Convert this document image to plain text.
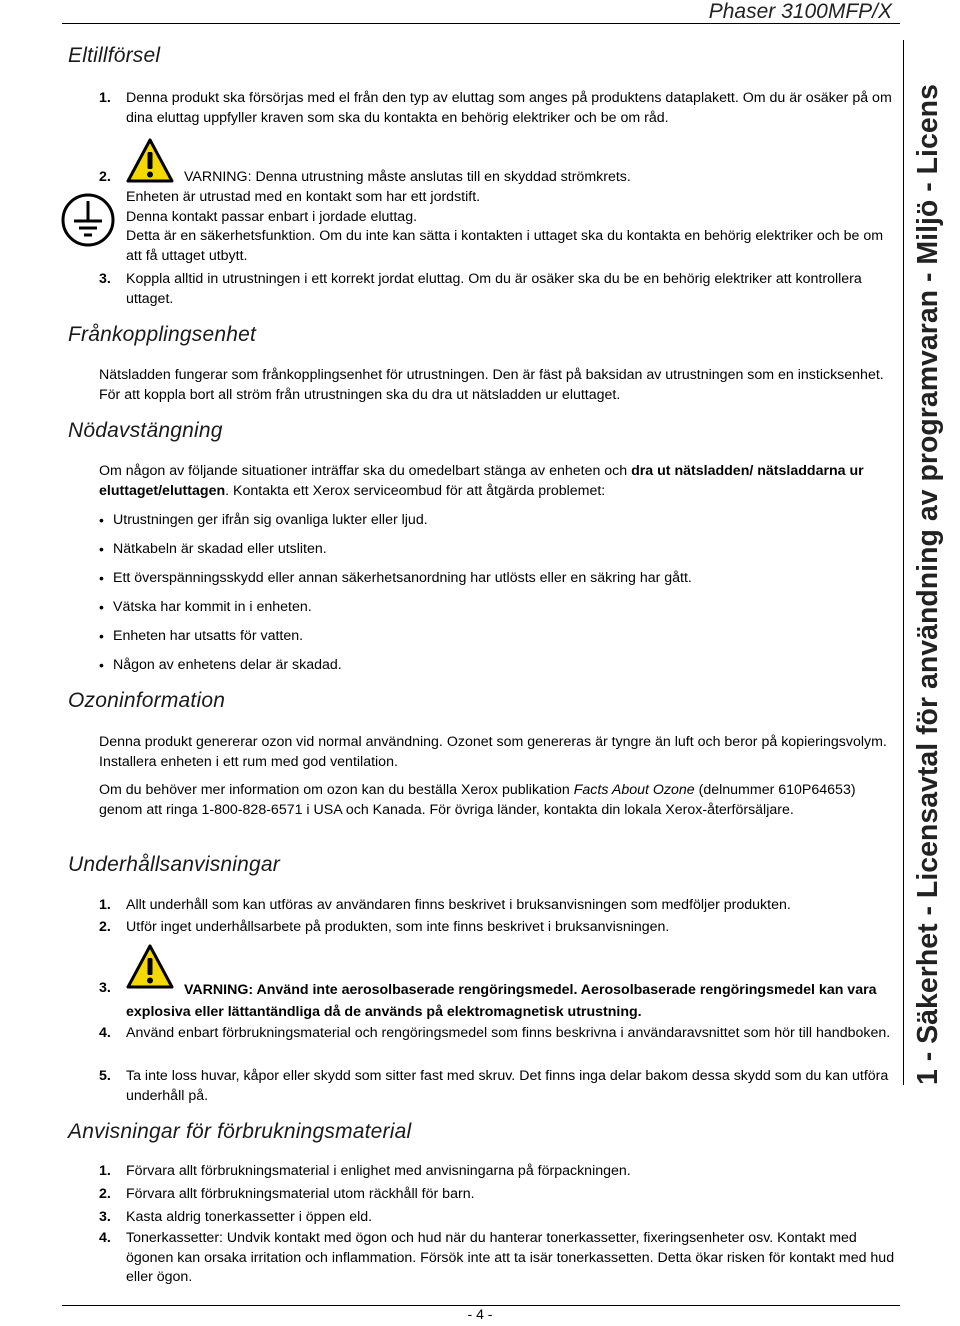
Phaser 3100MFP/X
1 - Säkerhet - Licensavtal för användning av programvaran - Miljö - Licens
Eltillförsel
1. Denna produkt ska försörjas med el från den typ av eluttag som anges på produktens dataplakett. Om du är osäker på om dina eluttag uppfyller kraven som ska du kontakta en behörig elektriker och be om råd.
2.	VARNING: Denna utrustning måste anslutas till en skyddad strömkrets.
Enheten är utrustad med en kontakt som har ett jordstift.
Denna kontakt passar enbart i jordade eluttag.
Detta är en säkerhetsfunktion. Om du inte kan sätta i kontakten i uttaget ska du kontakta en behörig elektriker och be om att få uttaget utbytt.
3. Koppla alltid in utrustningen i ett korrekt jordat eluttag. Om du är osäker ska du be en behörig elektriker att kontrollera uttaget.
Frånkopplingsenhet
Nätsladden fungerar som frånkopplingsenhet för utrustningen. Den är fäst på baksidan av utrustningen som en insticksenhet. För att koppla bort all ström från utrustningen ska du dra ut nätsladden ur eluttaget.
Nödavstängning
Om någon av följande situationer inträffar ska du omedelbart stänga av enheten och dra ut nätsladden/ nätsladdarna ur eluttaget/eluttagen. Kontakta ett Xerox serviceombud för att åtgärda problemet:
• Utrustningen ger ifrån sig ovanliga lukter eller ljud.
• Nätkabeln är skadad eller utsliten.
• Ett överspänningsskydd eller annan säkerhetsanordning har utlösts eller en säkring har gått.
• Vätska har kommit in i enheten.
• Enheten har utsatts för vatten.
• Någon av enhetens delar är skadad.
Ozoninformation
Denna produkt genererar ozon vid normal användning. Ozonet som genereras är tyngre än luft och beror på kopieringsvolym. Installera enheten i ett rum med god ventilation.
Om du behöver mer information om ozon kan du beställa Xerox publikation Facts About Ozone (delnummer 610P64653) genom att ringa 1-800-828-6571 i USA och Kanada. För övriga länder, kontakta din lokala Xerox-återförsäljare.
Underhållsanvisningar
1. Allt underhåll som kan utföras av användaren finns beskrivet i bruksanvisningen som medföljer produkten.
2. Utför inget underhållsarbete på produkten, som inte finns beskrivet i bruksanvisningen.
3.	VARNING: Använd inte aerosolbaserade rengöringsmedel. Aerosolbaserade rengöringsmedel kan vara explosiva eller lättantändliga då de används på elektromagnetisk utrustning.
4. Använd enbart förbrukningsmaterial och rengöringsmedel som finns beskrivna i användaravsnittet som hör till handboken.
5. Ta inte loss huvar, kåpor eller skydd som sitter fast med skruv. Det finns inga delar bakom dessa skydd som du kan utföra underhåll på.
Anvisningar för förbrukningsmaterial
1. Förvara allt förbrukningsmaterial i enlighet med anvisningarna på förpackningen.
2. Förvara allt förbrukningsmaterial utom räckhåll för barn.
3. Kasta aldrig tonerkassetter i öppen eld.
4. Tonerkassetter: Undvik kontakt med ögon och hud när du hanterar tonerkassetter, fixeringsenheter osv. Kontakt med ögonen kan orsaka irritation och inflammation. Försök inte att ta isär tonerkassetten. Detta ökar risken för kontakt med hud eller ögon.
- 4 -
